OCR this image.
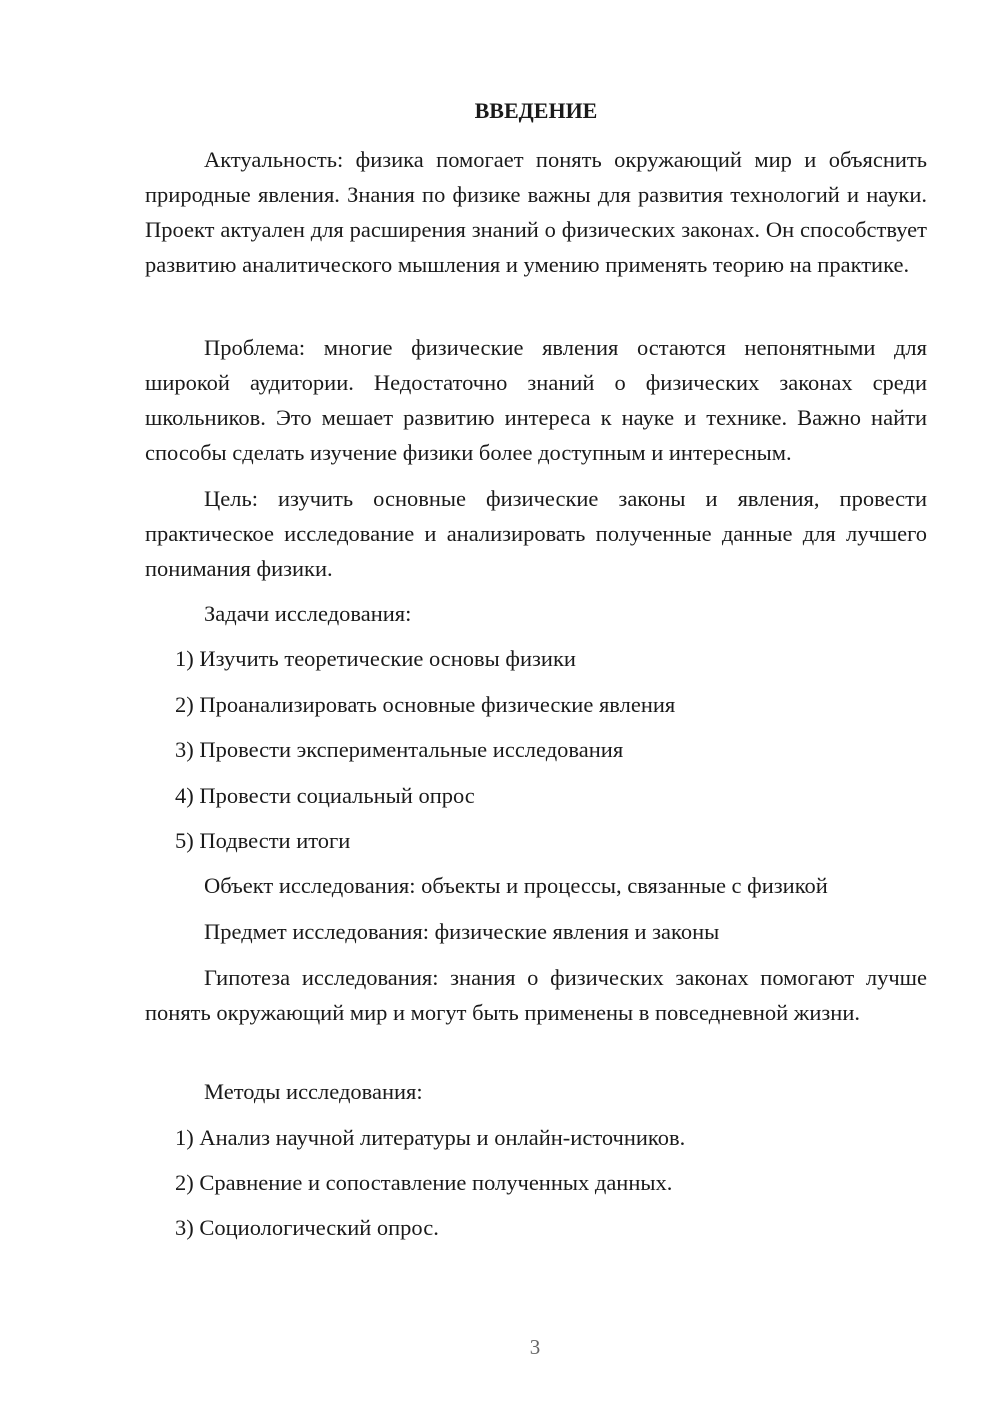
ВВЕДЕНИЕ

Актуальность: физика помогает понять окружающий мир и объяснить природные явления. Знания по физике важны для развития технологий и науки. Проект актуален для расширения знаний о физических законах. Он способствует развитию аналитического мышления и умению применять теорию на практике.

Проблема: многие физические явления остаются непонятными для широкой аудитории. Недостаточно знаний о физических законах среди школьников. Это мешает развитию интереса к науке и технике. Важно найти способы сделать изучение физики более доступным и интересным.

Цель: изучить основные физические законы и явления, провести практическое исследование и анализировать полученные данные для лучшего понимания физики.

Задачи исследования:

1) Изучить теоретические основы физики

2) Проанализировать основные физические явления

3) Провести экспериментальные исследования

4) Провести социальный опрос

5) Подвести итоги

Объект исследования: объекты и процессы, связанные с физикой

Предмет исследования: физические явления и законы

Гипотеза исследования: знания о физических законах помогают лучше понять окружающий мир и могут быть применены в повседневной жизни.

Методы исследования:

1) Анализ научной литературы и онлайн-источников.

2) Сравнение и сопоставление полученных данных.

3) Социологический опрос.

3
